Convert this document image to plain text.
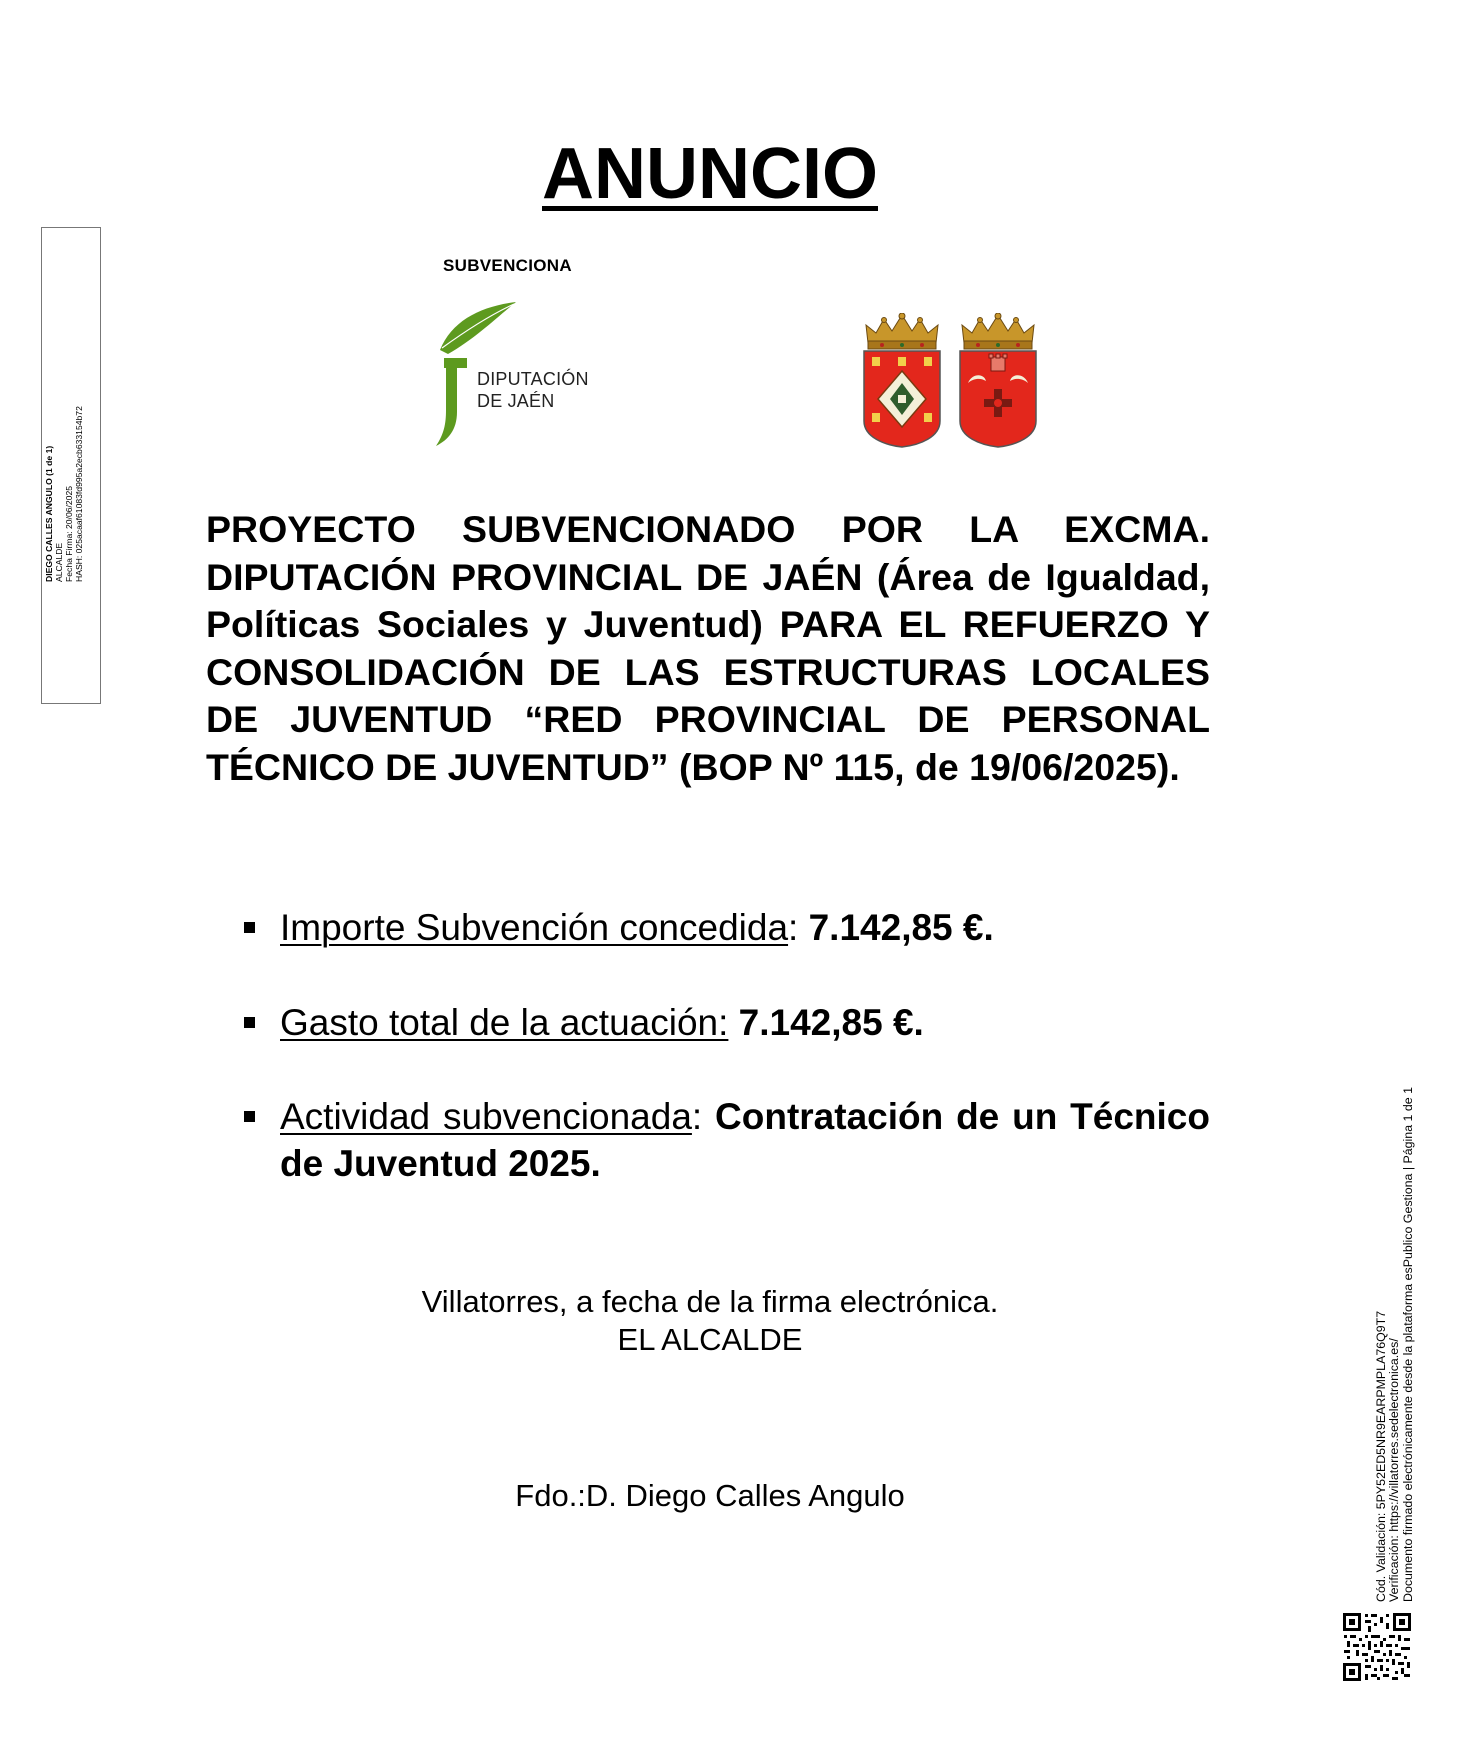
ANUNCIO
SUBVENCIONA
DIPUTACIÓN
DE JAÉN
PROYECTO SUBVENCIONADO POR LA EXCMA. DIPUTACIÓN PROVINCIAL DE JAÉN (Área de Igualdad, Políticas Sociales y Juventud) PARA EL REFUERZO Y CONSOLIDACIÓN DE LAS ESTRUCTURAS LOCALES DE JUVENTUD “RED PROVINCIAL DE PERSONAL TÉCNICO DE JUVENTUD” (BOP Nº 115, de 19/06/2025).
Importe Subvención concedida: 7.142,85 €.
Gasto total de la actuación: 7.142,85 €.
Actividad subvencionada: Contratación de un Técnico de Juventud 2025.
Villatorres, a fecha de la firma electrónica.
EL ALCALDE
Fdo.:D. Diego Calles Angulo
DIEGO CALLES ANGULO (1 de 1) ALCALDE Fecha Firma: 20/06/2025 HASH: 025acaaf61083fd995a2ecb633154b72
Cód. Validación: 5PY52ED5NR9EARPMPLA76Q9T7 Verificación: https://villatorres.sedelectronica.es/ Documento firmado electrónicamente desde la plataforma esPublico Gestiona | Página 1 de 1
